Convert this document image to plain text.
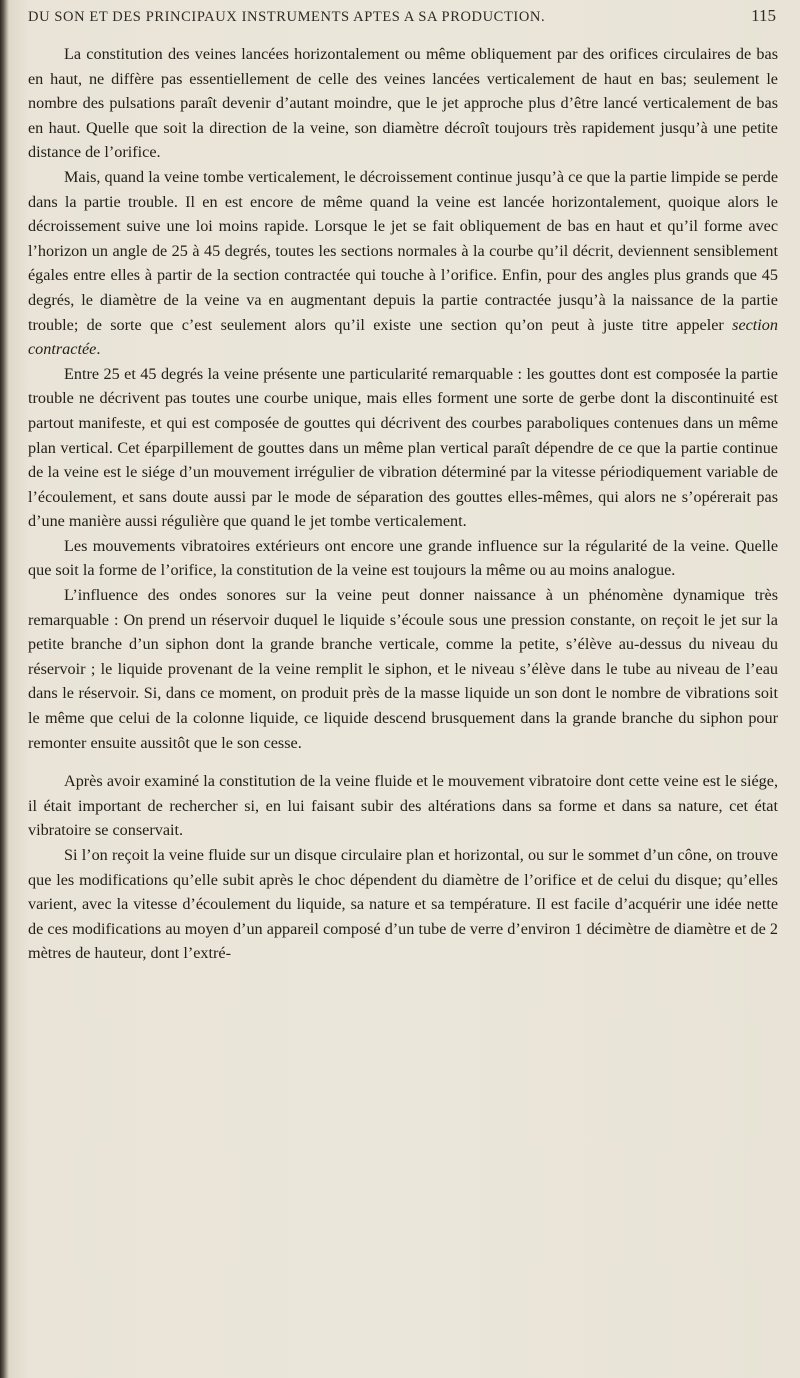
DU SON ET DES PRINCIPAUX INSTRUMENTS APTES A SA PRODUCTION.	115

La constitution des veines lancées horizontalement ou même obliquement par des orifices circulaires de bas en haut, ne diffère pas essentiellement de celle des veines lancées verticalement de haut en bas; seulement le nombre des pulsations paraît devenir d’autant moindre, que le jet approche plus d’être lancé verticalement de bas en haut. Quelle que soit la direction de la veine, son diamètre décroît toujours très rapidement jusqu’à une petite distance de l’orifice.

Mais, quand la veine tombe verticalement, le décroissement continue jusqu’à ce que la partie limpide se perde dans la partie trouble. Il en est encore de même quand la veine est lancée horizontalement, quoique alors le décroissement suive une loi moins rapide. Lorsque le jet se fait obliquement de bas en haut et qu’il forme avec l’horizon un angle de 25 à 45 degrés, toutes les sections normales à la courbe qu’il décrit, deviennent sensiblement égales entre elles à partir de la section contractée qui touche à l’orifice. Enfin, pour des angles plus grands que 45 degrés, le diamètre de la veine va en augmentant depuis la partie contractée jusqu’à la naissance de la partie trouble; de sorte que c’est seulement alors qu’il existe une section qu’on peut à juste titre appeler section contractée.

Entre 25 et 45 degrés la veine présente une particularité remarquable : les gouttes dont est composée la partie trouble ne décrivent pas toutes une courbe unique, mais elles forment une sorte de gerbe dont la discontinuité est partout manifeste, et qui est composée de gouttes qui décrivent des courbes paraboliques contenues dans un même plan vertical. Cet éparpillement de gouttes dans un même plan vertical paraît dépendre de ce que la partie continue de la veine est le siége d’un mouvement irrégulier de vibration déterminé par la vitesse périodiquement variable de l’écoulement, et sans doute aussi par le mode de séparation des gouttes elles-mêmes, qui alors ne s’opérerait pas d’une manière aussi régulière que quand le jet tombe verticalement.

Les mouvements vibratoires extérieurs ont encore une grande influence sur la régularité de la veine. Quelle que soit la forme de l’orifice, la constitution de la veine est toujours la même ou au moins analogue.

L’influence des ondes sonores sur la veine peut donner naissance à un phénomène dynamique très remarquable : On prend un réservoir duquel le liquide s’écoule sous une pression constante, on reçoit le jet sur la petite branche d’un siphon dont la grande branche verticale, comme la petite, s’élève au-dessus du niveau du réservoir ; le liquide provenant de la veine remplit le siphon, et le niveau s’élève dans le tube au niveau de l’eau dans le réservoir. Si, dans ce moment, on produit près de la masse liquide un son dont le nombre de vibrations soit le même que celui de la colonne liquide, ce liquide descend brusquement dans la grande branche du siphon pour remonter ensuite aussitôt que le son cesse.

Après avoir examiné la constitution de la veine fluide et le mouvement vibratoire dont cette veine est le siége, il était important de rechercher si, en lui faisant subir des altérations dans sa forme et dans sa nature, cet état vibratoire se conservait.

Si l’on reçoit la veine fluide sur un disque circulaire plan et horizontal, ou sur le sommet d’un cône, on trouve que les modifications qu’elle subit après le choc dépendent du diamètre de l’orifice et de celui du disque; qu’elles varient, avec la vitesse d’écoulement du liquide, sa nature et sa température. Il est facile d’acquérir une idée nette de ces modifications au moyen d’un appareil composé d’un tube de verre d’environ 1 décimètre de diamètre et de 2 mètres de hauteur, dont l’extré-
